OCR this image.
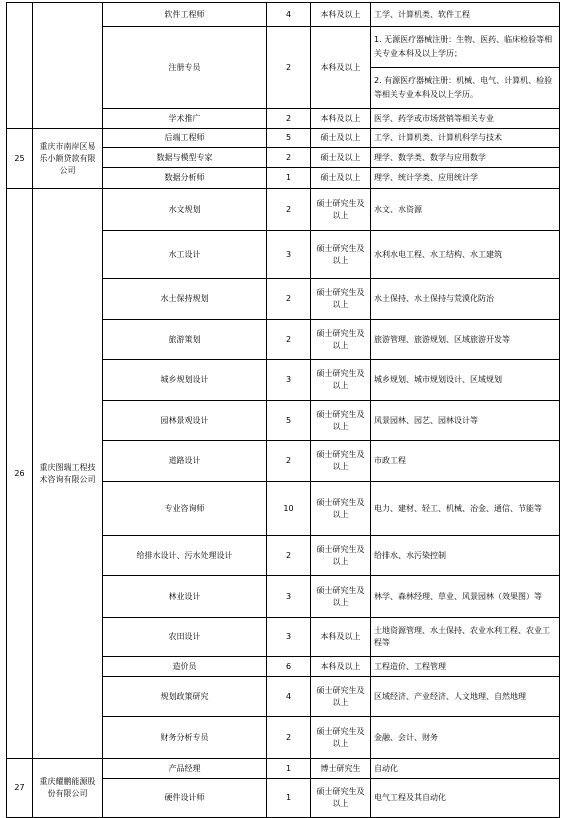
		软件工程师	4	本科及以上	工学、计算机类、软件工程
		注册专员	2	本科及以上	1. 无源医疗器械注册：生物、医药、临床检验等相关专业本科及以上学历；
					2. 有源医疗器械注册：机械、电气、计算机、检验等相关专业本科及以上学历。
		学术推广	2	本科及以上	医学、药学或市场营销等相关专业
25	重庆市南岸区易乐小额贷款有限公司	后端工程师	5	硕士及以上	工学、计算机类、计算机科学与技术
		数据与模型专家	2	硕士及以上	理学、数学类、数学与应用数学
		数据分析师	1	硕士及以上	理学、统计学类、应用统计学
26	重庆图瑞工程技术咨询有限公司	水文规划	2	硕士研究生及以上	水文、水资源
		水工设计	3	硕士研究生及以上	水利水电工程、水工结构、水工建筑
		水土保持规划	2	硕士研究生及以上	水土保持、水土保持与荒漠化防治
		旅游策划	2	硕士研究生及以上	旅游管理、旅游规划、区域旅游开发等
		城乡规划设计	3	硕士研究生及以上	城乡规划、城市规划设计、区域规划
		园林景观设计	5	硕士研究生及以上	风景园林、园艺、园林设计等
		道路设计	2	硕士研究生及以上	市政工程
		专业咨询师	10	硕士研究生及以上	电力、建材、轻工、机械、冶金、通信、节能等
		给排水设计、污水处理设计	2	硕士研究生及以上	给排水、水污染控制
		林业设计	3	硕士研究生及以上	林学、森林经理、草业、风景园林（效果图）等
		农田设计	3	本科及以上	土地资源管理、水土保持、农业水利工程、农业工程等
		造价员	6	本科及以上	工程造价、工程管理
		规划政策研究	4	硕士研究生及以上	区域经济、产业经济、人文地理、自然地理
		财务分析专员	2	硕士研究生及以上	金融、会计、财务
27	重庆耀鹏能源股份有限公司	产品经理	1	博士研究生	自动化
		硬件设计师	1	硕士研究生及以上	电气工程及其自动化
